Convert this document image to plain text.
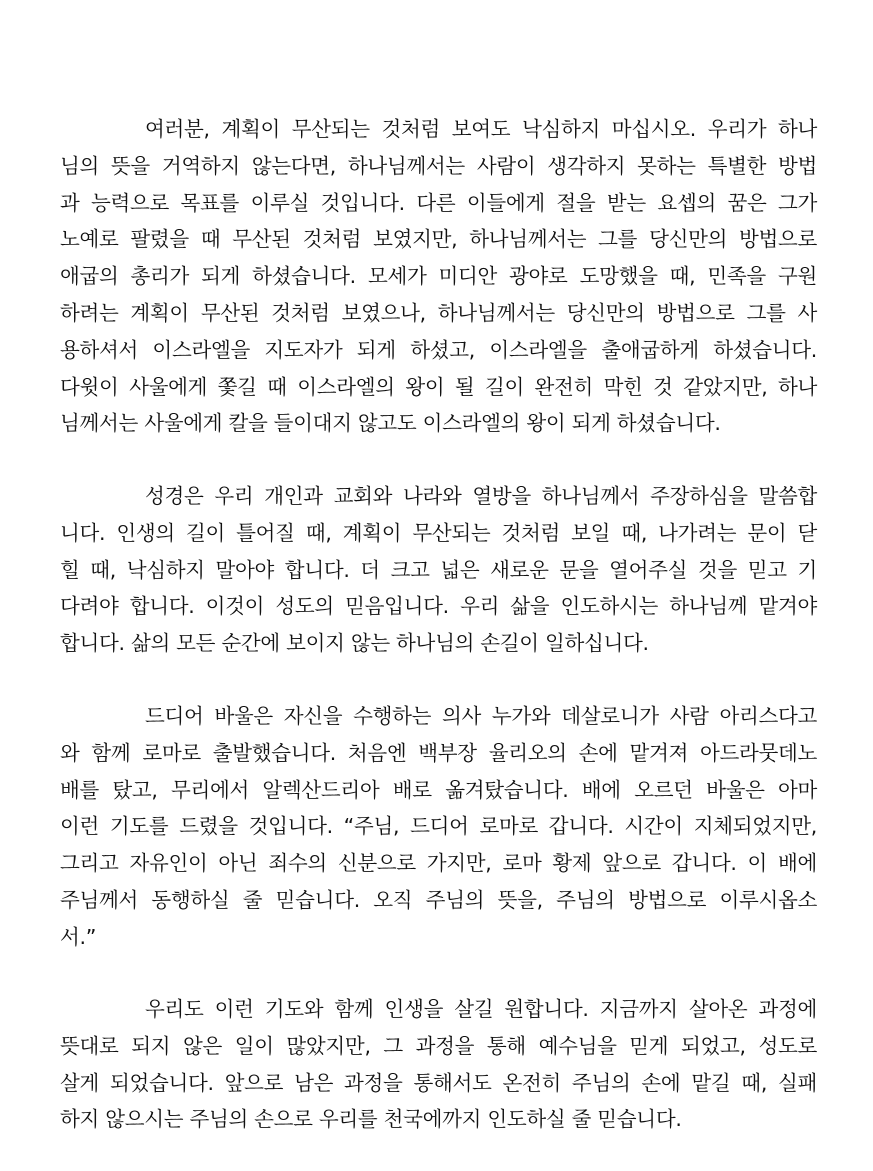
여러분, 계획이 무산되는 것처럼 보여도 낙심하지 마십시오. 우리가 하나
님의 뜻을 거역하지 않는다면, 하나님께서는 사람이 생각하지 못하는 특별한 방법
과 능력으로 목표를 이루실 것입니다. 다른 이들에게 절을 받는 요셉의 꿈은 그가
노예로 팔렸을 때 무산된 것처럼 보였지만, 하나님께서는 그를 당신만의 방법으로
애굽의 총리가 되게 하셨습니다. 모세가 미디안 광야로 도망했을 때, 민족을 구원
하려는 계획이 무산된 것처럼 보였으나, 하나님께서는 당신만의 방법으로 그를 사
용하셔서 이스라엘을 지도자가 되게 하셨고, 이스라엘을 출애굽하게 하셨습니다.
다윗이 사울에게 쫓길 때 이스라엘의 왕이 될 길이 완전히 막힌 것 같았지만, 하나
님께서는 사울에게 칼을 들이대지 않고도 이스라엘의 왕이 되게 하셨습니다.
성경은 우리 개인과 교회와 나라와 열방을 하나님께서 주장하심을 말씀합
니다. 인생의 길이 틀어질 때, 계획이 무산되는 것처럼 보일 때, 나가려는 문이 닫
힐 때, 낙심하지 말아야 합니다. 더 크고 넓은 새로운 문을 열어주실 것을 믿고 기
다려야 합니다. 이것이 성도의 믿음입니다. 우리 삶을 인도하시는 하나님께 맡겨야
합니다. 삶의 모든 순간에 보이지 않는 하나님의 손길이 일하십니다.
드디어 바울은 자신을 수행하는 의사 누가와 데살로니가 사람 아리스다고
와 함께 로마로 출발했습니다. 처음엔 백부장 율리오의 손에 맡겨져 아드라뭇데노
배를 탔고, 무리에서 알렉산드리아 배로 옮겨탔습니다. 배에 오르던 바울은 아마
이런 기도를 드렸을 것입니다. “주님, 드디어 로마로 갑니다. 시간이 지체되었지만,
그리고 자유인이 아닌 죄수의 신분으로 가지만, 로마 황제 앞으로 갑니다. 이 배에
주님께서 동행하실 줄 믿습니다. 오직 주님의 뜻을, 주님의 방법으로 이루시옵소
서.”
우리도 이런 기도와 함께 인생을 살길 원합니다. 지금까지 살아온 과정에
뜻대로 되지 않은 일이 많았지만, 그 과정을 통해 예수님을 믿게 되었고, 성도로
살게 되었습니다. 앞으로 남은 과정을 통해서도 온전히 주님의 손에 맡길 때, 실패
하지 않으시는 주님의 손으로 우리를 천국에까지 인도하실 줄 믿습니다.
